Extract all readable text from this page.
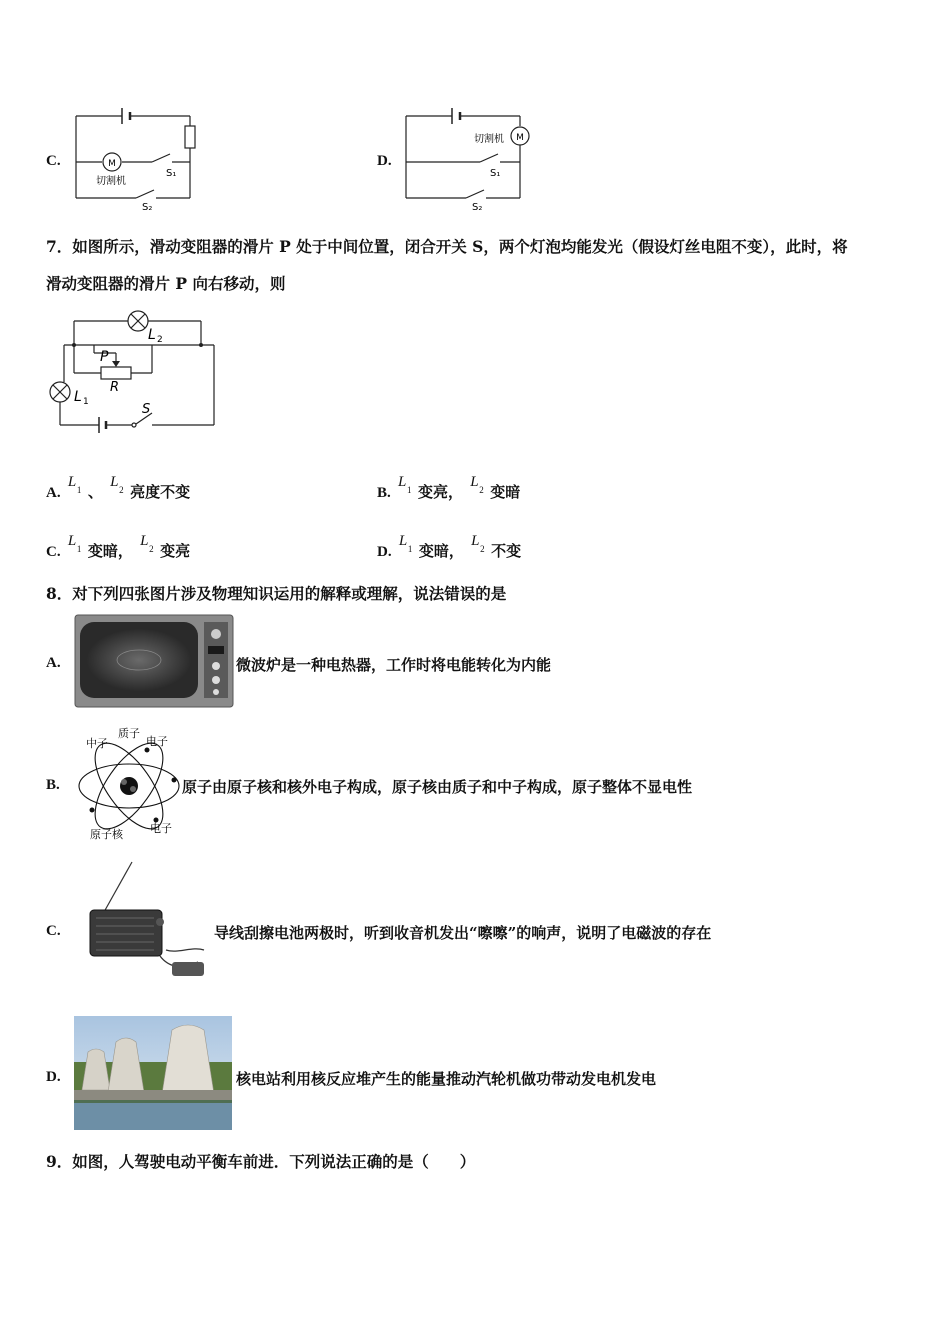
C.	M
切割机
S₁
S₂
D.
M
切割机
S₁
S₂
7．如图所示，滑动变阻器的滑片 P 处于中间位置，闭合开关 S，两个灯泡均能发光（假设灯丝电阻不变），此时，将
滑动变阻器的滑片 P 向右移动，则
L 2
L 1
P
R
S
A.
L 1 、
L 2 亮度不变	B.
L 1 变亮，
L 2 变暗
C.
L 1 变暗，
L 2 变亮	D.
L 1 变暗，
L 2 不变
8．对下列四张图片涉及物理知识运用的解释或理解，说法错误的是
A.	微波炉是一种电热器，工作时将电能转化为内能
B.
中子
质子
电子
原子核 电子
原子由原子核和核外电子构成，原子核由质子和中子构成，原子整体不显电性
C.	导线刮擦电池两极时，听到收音机发出“嚓嚓”的响声，说明了电磁波的存在
D.	核电站利用核反应堆产生的能量推动汽轮机做功带动发电机发电
9．如图，人驾驶电动平衡车前进．下列说法正确的是（　　）
